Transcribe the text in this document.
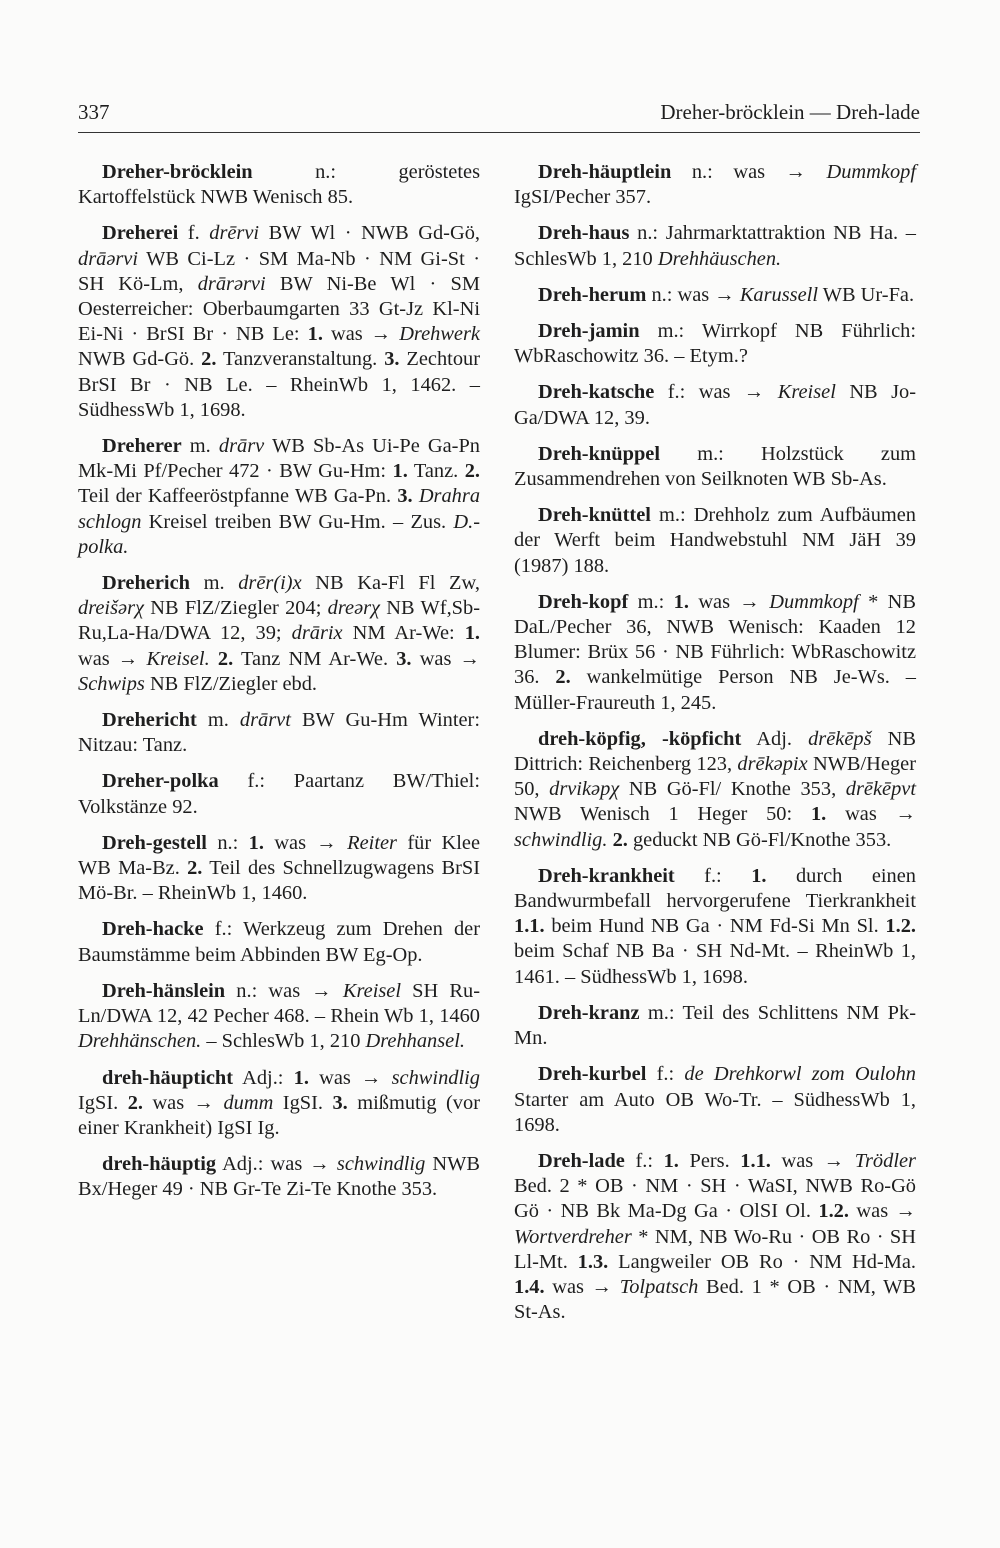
337	Dreher-bröcklein — Dreh-lade

Dreher-bröcklein n.: geröstetes Kartoffelstück NWB Wenisch 85.

Dreherei f. drērvi BW Wl · NWB Gd-Gö, drāərvi WB Ci-Lz · SM Ma-Nb · NM Gi-St · SH Kö-Lm, drārərvi BW Ni-Be Wl · SM Oesterreicher: Oberbaumgarten 33 Gt-Jz Kl-Ni Ei-Ni · BrSI Br · NB Le: 1. was → Drehwerk NWB Gd-Gö. 2. Tanzveranstaltung. 3. Zechtour BrSI Br · NB Le. – RheinWb 1, 1462. – SüdhessWb 1, 1698.

Dreherer m. drārv WB Sb-As Ui-Pe Ga-Pn Mk-Mi Pf/Pecher 472 · BW Gu-Hm: 1. Tanz. 2. Teil der Kaffeeröstpfanne WB Ga-Pn. 3. Drahra schlogn Kreisel treiben BW Gu-Hm. – Zus. D.-polka.

Dreherich m. drēr(i)x NB Ka-Fl Fl Zw, dreišərχ NB FlZ/Ziegler 204; dreərχ NB Wf,Sb-Ru,La-Ha/DWA 12, 39; drārix NM Ar-We: 1. was → Kreisel. 2. Tanz NM Ar-We. 3. was → Schwips NB FlZ/Ziegler ebd.

Drehericht m. drārvt BW Gu-Hm Winter: Nitzau: Tanz.

Dreher-polka f.: Paartanz BW/Thiel: Volkstänze 92.

Dreh-gestell n.: 1. was → Reiter für Klee WB Ma-Bz. 2. Teil des Schnellzugwagens BrSI Mö-Br. – RheinWb 1, 1460.

Dreh-hacke f.: Werkzeug zum Drehen der Baumstämme beim Abbinden BW Eg-Op.

Dreh-hänslein n.: was → Kreisel SH Ru-Ln/DWA 12, 42 Pecher 468. – Rhein Wb 1, 1460 Drehhänschen. – SchlesWb 1, 210 Drehhansel.

dreh-häupticht Adj.: 1. was → schwindlig IgSI. 2. was → dumm IgSI. 3. mißmutig (vor einer Krankheit) IgSI Ig.

dreh-häuptig Adj.: was → schwindlig NWB Bx/Heger 49 · NB Gr-Te Zi-Te Knothe 353.

Dreh-häuptlein n.: was → Dummkopf IgSI/Pecher 357.

Dreh-haus n.: Jahrmarktattraktion NB Ha. – SchlesWb 1, 210 Drehhäuschen.

Dreh-herum n.: was → Karussell WB Ur-Fa.

Dreh-jamin m.: Wirrkopf NB Führlich: WbRaschowitz 36. – Etym.?

Dreh-katsche f.: was → Kreisel NB Jo-Ga/DWA 12, 39.

Dreh-knüppel m.: Holzstück zum Zusammendrehen von Seilknoten WB Sb-As.

Dreh-knüttel m.: Drehholz zum Aufbäumen der Werft beim Handwebstuhl NM JäH 39 (1987) 188.

Dreh-kopf m.: 1. was → Dummkopf * NB DaL/Pecher 36, NWB Wenisch: Kaaden 12 Blumer: Brüx 56 · NB Führlich: WbRaschowitz 36. 2. wankelmütige Person NB Je-Ws. – Müller-Fraureuth 1, 245.

dreh-köpfig, -köpficht Adj. drēkēpš NB Dittrich: Reichenberg 123, drēkəpix NWB/Heger 50, drvikəpχ NB Gö-Fl/ Knothe 353, drēkēpvt NWB Wenisch 1 Heger 50: 1. was → schwindlig. 2. geduckt NB Gö-Fl/Knothe 353.

Dreh-krankheit f.: 1. durch einen Bandwurmbefall hervorgerufene Tierkrankheit 1.1. beim Hund NB Ga · NM Fd-Si Mn Sl. 1.2. beim Schaf NB Ba · SH Nd-Mt. – RheinWb 1, 1461. – SüdhessWb 1, 1698.

Dreh-kranz m.: Teil des Schlittens NM Pk-Mn.

Dreh-kurbel f.: de Drehkorwl zom Oulohn Starter am Auto OB Wo-Tr. – SüdhessWb 1, 1698.

Dreh-lade f.: 1. Pers. 1.1. was → Trödler Bed. 2 * OB · NM · SH · WaSI, NWB Ro-Gö Gö · NB Bk Ma-Dg Ga · OlSI Ol. 1.2. was → Wortverdreher * NM, NB Wo-Ru · OB Ro · SH Ll-Mt. 1.3. Langweiler OB Ro · NM Hd-Ma. 1.4. was → Tolpatsch Bed. 1 * OB · NM, WB St-As.
